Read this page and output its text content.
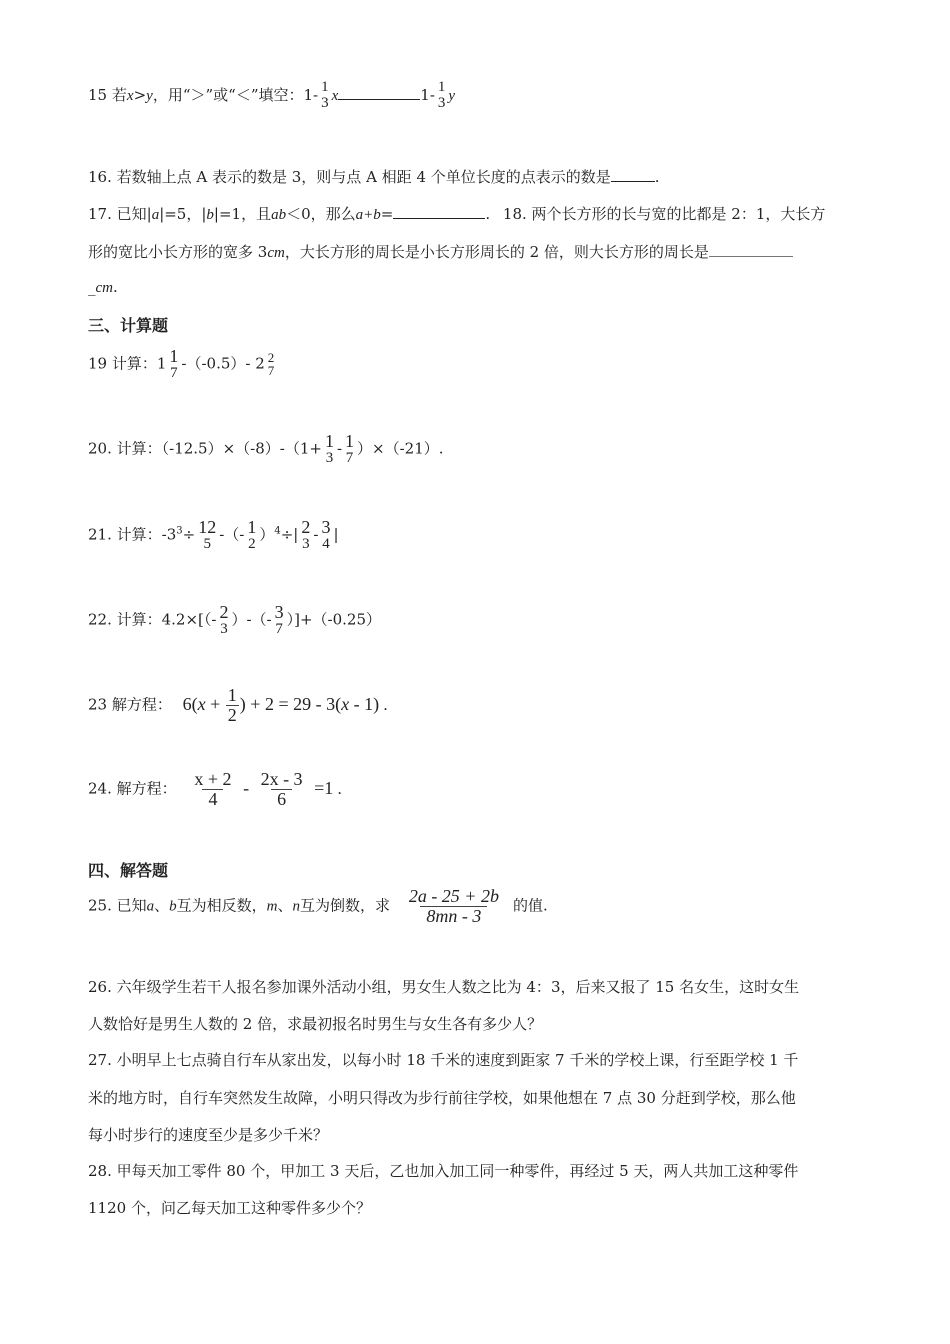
15 若x>y，用“＞”或“＜”填空：1- 1
3 x	1- 1
3 y
16. 若数轴上点 A 表示的数是 3，则与点 A 相距 4 个单位长度的点表示的数是	.
17. 已知|a|=5，|b|=1，且ab＜0，那么a+b=	. 18. 两个长方形的长与宽的比都是 2：1，大长方
形的宽比小长方形的宽多 3cm，大长方形的周长是小长方形周长的 2 倍，则大长方形的周长是
_cm.
三、计算题
19 计算：1 1
7
-（-0.5）- 2 2
7
20. 计算：（-12.5）×（-8）-（1+ 1
3
- 1
7
）×（-21）.
21. 计算：$-3^3\div 12$
5
-（- 1
2
）$^4$÷| 2
3
- 3
4
|
22. 计算：4.2×[（- 2
3
）-（- 3
7
）]+（-0.25）
23 解方程： $6(x + \frac{1}{2}$ ) + 2 = 29 - 3(x - 1) .
24. 解方程： $\frac{x + 2}{4} - \frac{2x - 3}{6} =1$ .
四、解答题
25. 已知a、b互为相反数，m、n互为倒数，求 $\frac{2a - 25 + 2b}{8mn - 3}$ 的值.
26. 六年级学生若干人报名参加课外活动小组，男女生人数之比为 4：3，后来又报了 15 名女生，这时女生
人数恰好是男生人数的 2 倍，求最初报名时男生与女生各有多少人？
27. 小明早上七点骑自行车从家出发，以每小时 18 千米的速度到距家 7 千米的学校上课，行至距学校 1 千
米的地方时，自行车突然发生故障，小明只得改为步行前往学校，如果他想在 7 点 30 分赶到学校，那么他
每小时步行的速度至少是多少千米？
28. 甲每天加工零件 80 个，甲加工 3 天后，乙也加入加工同一种零件，再经过 5 天，两人共加工这种零件
1120 个，问乙每天加工这种零件多少个？
